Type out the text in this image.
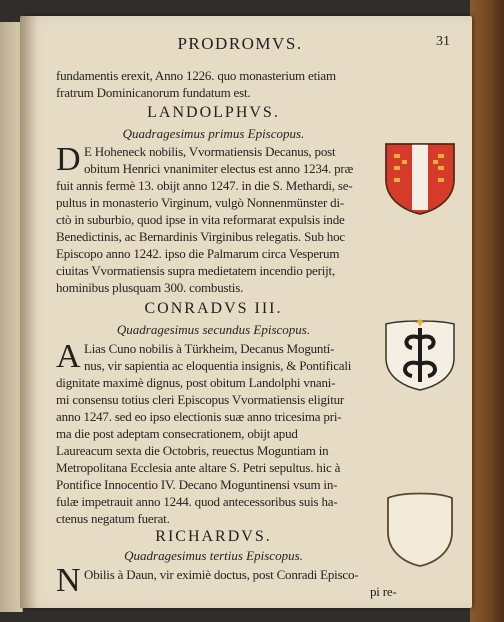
PRODROMVS.	31
fundamentis erexit, Anno 1226. quo monasterium etiam
fratrum Dominicanorum fundatum est.
LANDOLPHVS.
Quadragesimus primus Episcopus.
D E Hoheneck nobilis, Vvormatiensis Decanus, post
obitum Henrici vnanimiter electus est anno 1234. præ
fuit annis fermè 13. obijt anno 1247. in die S. Methardi, se-
pultus in monasterio Virginum, vulgò Nonnenmünster di-
ctò in suburbio, quod ipse in vita reformarat expulsis inde
Benedictinis, ac Bernardinis Virginibus relegatis. Sub hoc
Episcopo anno 1242. ipso die Palmarum circa Vesperum
ciuitas Vvormatiensis supra medietatem incendio perijt,
hominibus plusquam 300. combustis.
CONRADVS III.
Quadragesimus secundus Episcopus.
A Lias Cuno nobilis à Türkheim, Decanus Moguntí-
nus, vir sapientia ac eloquentia insignis, & Pontificali
dignitate maximè dignus, post obitum Landolphi vnani-
mi consensu totius cleri Episcopus Vvormatiensis eligitur
anno 1247. sed eo ipso electionis suæ anno tricesima pri-
ma die post adeptam consecrationem, obijt apud
Laureacum sexta die Octobris, reuectus Moguntiam in
Metropolitana Ecclesia ante altare S. Petri sepultus. hic à
Pontifice Innocentio IV. Decano Moguntinensi vsum in-
fulæ impetrauit anno 1244. quod antecessoribus suis ha-
ctenus negatum fuerat.
RICHARDVS.
Quadragesimus tertius Episcopus.
N Obilis à Daun, vir eximiè doctus, post Conradi Episco-
pi re-
